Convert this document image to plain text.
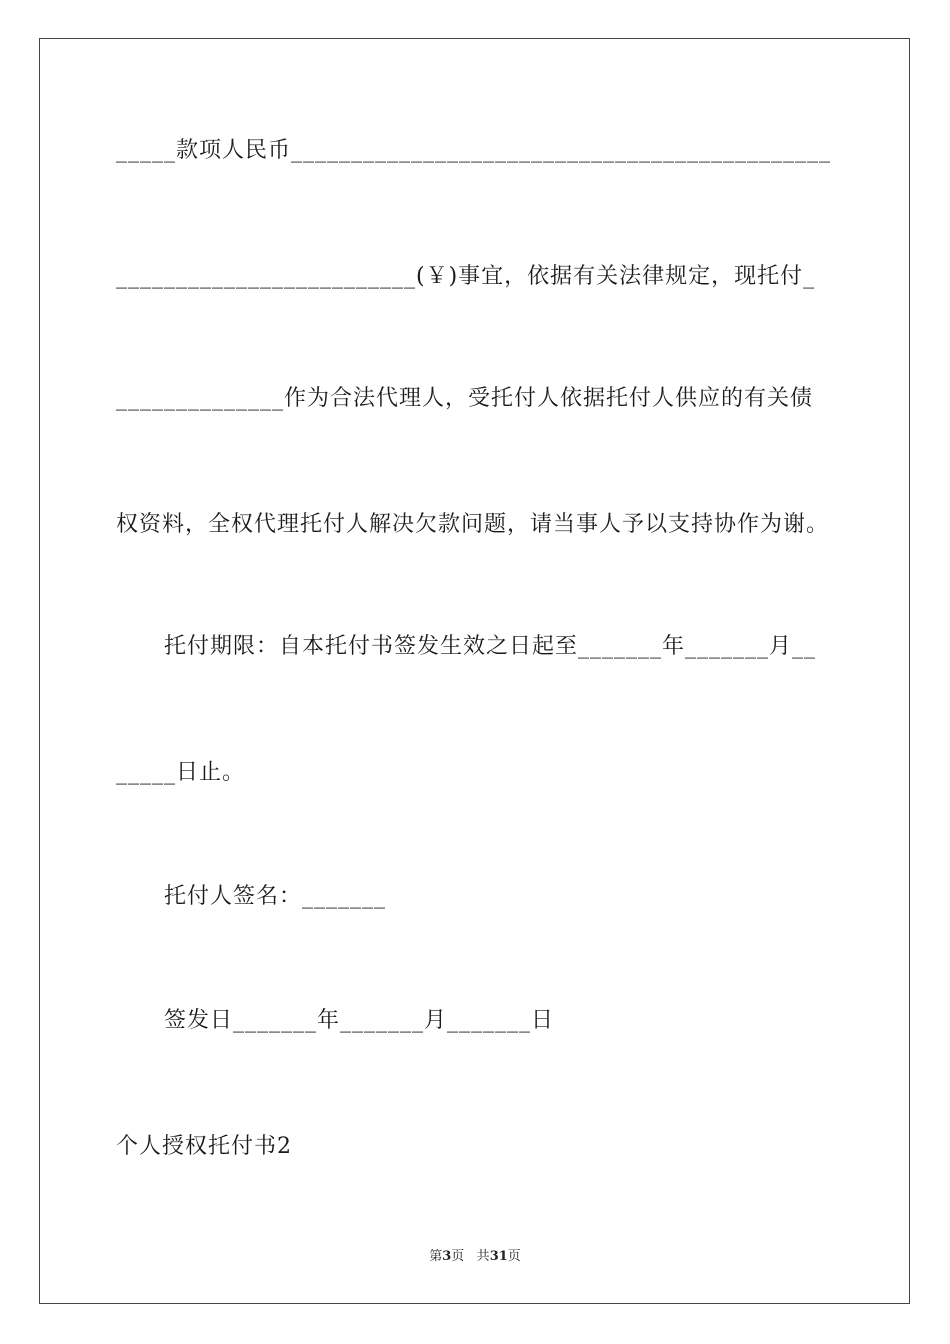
_____款项人民币_____________________________________________
_________________________(￥)事宜，依据有关法律规定，现托付_
______________作为合法代理人，受托付人依据托付人供应的有关债
权资料，全权代理托付人解决欠款问题，请当事人予以支持协作为谢。
托付期限：自本托付书签发生效之日起至_______年_______月__
_____日止。
托付人签名：_______
签发日_______年_______月_______日
个人授权托付书2
第3页 共31页
